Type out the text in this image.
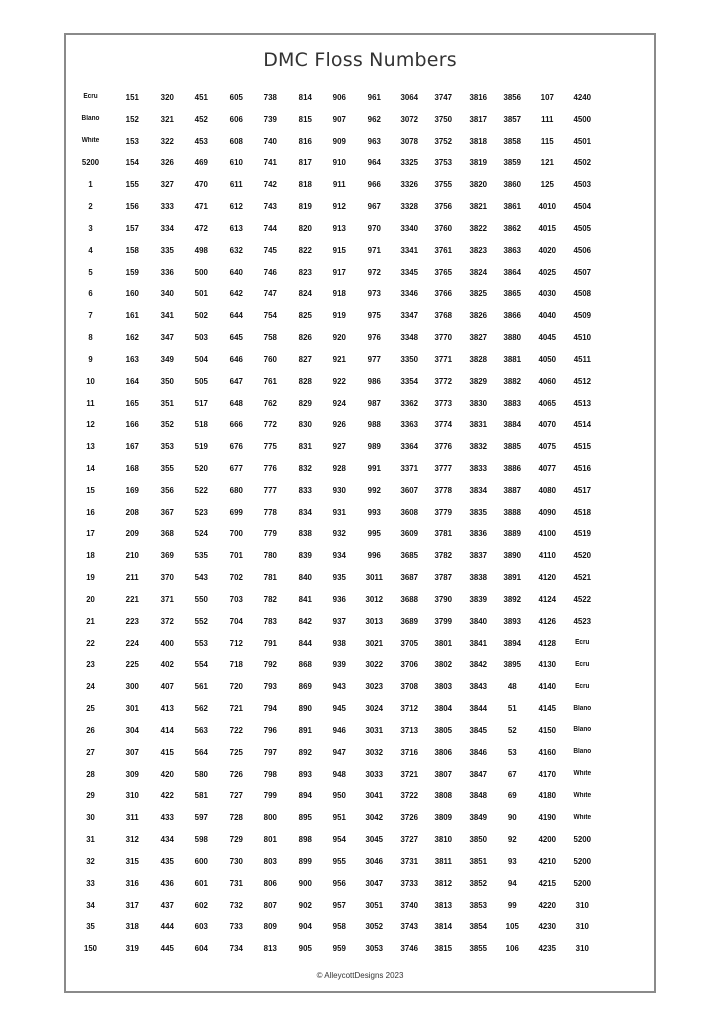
DMC Floss Numbers
Ecru	151	320	451	605	738	814	906	961	3064	3747	3816	3856	107	4240
Blano	152	321	452	606	739	815	907	962	3072	3750	3817	3857	111	4500
White	153	322	453	608	740	816	909	963	3078	3752	3818	3858	115	4501
5200	154	326	469	610	741	817	910	964	3325	3753	3819	3859	121	4502
1	155	327	470	611	742	818	911	966	3326	3755	3820	3860	125	4503
2	156	333	471	612	743	819	912	967	3328	3756	3821	3861	4010	4504
3	157	334	472	613	744	820	913	970	3340	3760	3822	3862	4015	4505
4	158	335	498	632	745	822	915	971	3341	3761	3823	3863	4020	4506
5	159	336	500	640	746	823	917	972	3345	3765	3824	3864	4025	4507
6	160	340	501	642	747	824	918	973	3346	3766	3825	3865	4030	4508
7	161	341	502	644	754	825	919	975	3347	3768	3826	3866	4040	4509
8	162	347	503	645	758	826	920	976	3348	3770	3827	3880	4045	4510
9	163	349	504	646	760	827	921	977	3350	3771	3828	3881	4050	4511
10	164	350	505	647	761	828	922	986	3354	3772	3829	3882	4060	4512
11	165	351	517	648	762	829	924	987	3362	3773	3830	3883	4065	4513
12	166	352	518	666	772	830	926	988	3363	3774	3831	3884	4070	4514
13	167	353	519	676	775	831	927	989	3364	3776	3832	3885	4075	4515
14	168	355	520	677	776	832	928	991	3371	3777	3833	3886	4077	4516
15	169	356	522	680	777	833	930	992	3607	3778	3834	3887	4080	4517
16	208	367	523	699	778	834	931	993	3608	3779	3835	3888	4090	4518
17	209	368	524	700	779	838	932	995	3609	3781	3836	3889	4100	4519
18	210	369	535	701	780	839	934	996	3685	3782	3837	3890	4110	4520
19	211	370	543	702	781	840	935	3011	3687	3787	3838	3891	4120	4521
20	221	371	550	703	782	841	936	3012	3688	3790	3839	3892	4124	4522
21	223	372	552	704	783	842	937	3013	3689	3799	3840	3893	4126	4523
22	224	400	553	712	791	844	938	3021	3705	3801	3841	3894	4128	Ecru
23	225	402	554	718	792	868	939	3022	3706	3802	3842	3895	4130	Ecru
24	300	407	561	720	793	869	943	3023	3708	3803	3843	48	4140	Ecru
25	301	413	562	721	794	890	945	3024	3712	3804	3844	51	4145	Blano
26	304	414	563	722	796	891	946	3031	3713	3805	3845	52	4150	Blano
27	307	415	564	725	797	892	947	3032	3716	3806	3846	53	4160	Blano
28	309	420	580	726	798	893	948	3033	3721	3807	3847	67	4170	White
29	310	422	581	727	799	894	950	3041	3722	3808	3848	69	4180	White
30	311	433	597	728	800	895	951	3042	3726	3809	3849	90	4190	White
31	312	434	598	729	801	898	954	3045	3727	3810	3850	92	4200	5200
32	315	435	600	730	803	899	955	3046	3731	3811	3851	93	4210	5200
33	316	436	601	731	806	900	956	3047	3733	3812	3852	94	4215	5200
34	317	437	602	732	807	902	957	3051	3740	3813	3853	99	4220	310
35	318	444	603	733	809	904	958	3052	3743	3814	3854	105	4230	310
150	319	445	604	734	813	905	959	3053	3746	3815	3855	106	4235	310
© AlleycottDesigns 2023
